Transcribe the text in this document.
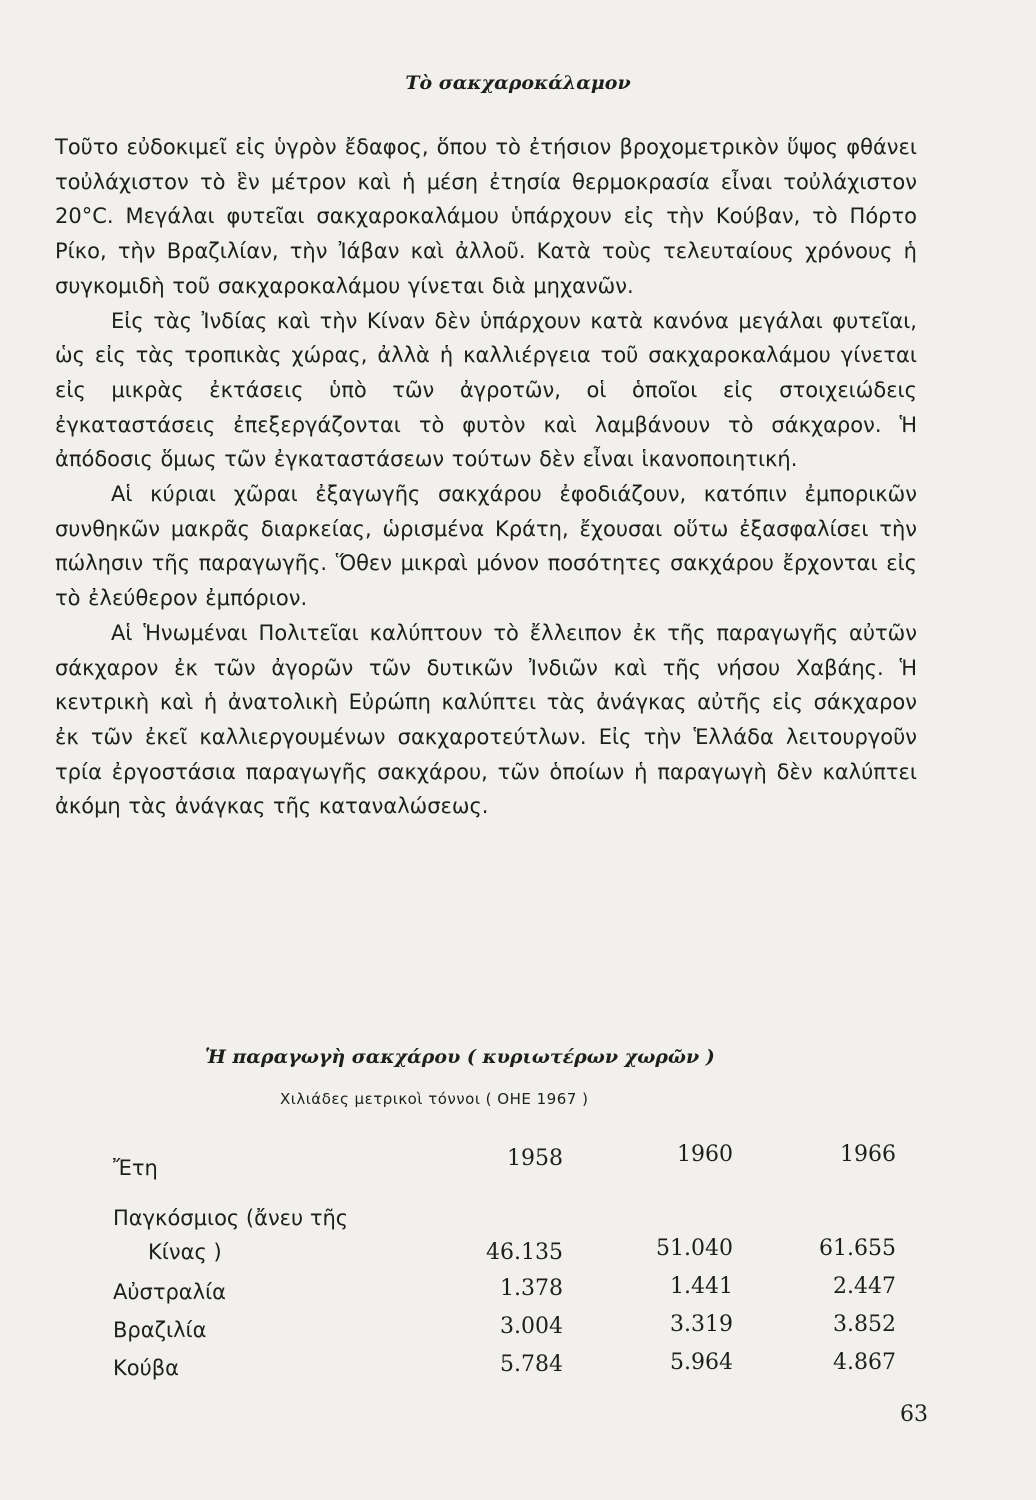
Τὸ σακχαροκάλαμον

Τοῦτο εὐδοκιμεῖ εἰς ὑγρὸν ἔδαφος, ὅπου τὸ ἐτήσιον βροχομετρικὸν ὕψος φθάνει τοὐλάχιστον τὸ ἓν μέτρον καὶ ἡ μέση ἐτησία θερμοκρασία εἶναι τοὐλάχιστον 20°C. Μεγάλαι φυτεῖαι σακχαροκαλάμου ὑπάρχουν εἰς τὴν Κούβαν, τὸ Πόρτο Ρίκο, τὴν Βραζιλίαν, τὴν Ἰάβαν καὶ ἀλλοῦ. Κατὰ τοὺς τελευταίους χρόνους ἡ συγκομιδὴ τοῦ σακχαροκαλάμου γίνεται διὰ μηχανῶν.

Εἰς τὰς Ἰνδίας καὶ τὴν Κίναν δὲν ὑπάρχουν κατὰ κανόνα μεγάλαι φυτεῖαι, ὡς εἰς τὰς τροπικὰς χώρας, ἀλλὰ ἡ καλλιέργεια τοῦ σακχαροκαλάμου γίνεται εἰς μικρὰς ἐκτάσεις ὑπὸ τῶν ἀγροτῶν, οἱ ὁποῖοι εἰς στοιχειώδεις ἐγκαταστάσεις ἐπεξεργάζονται τὸ φυτὸν καὶ λαμβάνουν τὸ σάκχαρον. Ἡ ἀπόδοσις ὅμως τῶν ἐγκαταστάσεων τούτων δὲν εἶναι ἱκανοποιητική.

Αἱ κύριαι χῶραι ἐξαγωγῆς σακχάρου ἐφοδιάζουν, κατόπιν ἐμπορικῶν συνθηκῶν μακρᾶς διαρκείας, ὡρισμένα Κράτη, ἔχουσαι οὕτω ἐξασφαλίσει τὴν πώλησιν τῆς παραγωγῆς. Ὅθεν μικραὶ μόνον ποσότητες σακχάρου ἔρχονται εἰς τὸ ἐλεύθερον ἐμπόριον.

Αἱ Ἡνωμέναι Πολιτεῖαι καλύπτουν τὸ ἔλλειπον ἐκ τῆς παραγωγῆς αὐτῶν σάκχαρον ἐκ τῶν ἀγορῶν τῶν δυτικῶν Ἰνδιῶν καὶ τῆς νήσου Χαβάης. Ἡ κεντρικὴ καὶ ἡ ἀνατολικὴ Εὐρώπη καλύπτει τὰς ἀνάγκας αὐτῆς εἰς σάκχαρον ἐκ τῶν ἐκεῖ καλλιεργουμένων σακχαροτεύτλων. Εἰς τὴν Ἑλλάδα λειτουργοῦν τρία ἐργοστάσια παραγωγῆς σακχάρου, τῶν ὁποίων ἡ παραγωγὴ δὲν καλύπτει ἀκόμη τὰς ἀνάγκας τῆς καταναλώσεως.

Ἡ παραγωγὴ σακχάρου ( κυριωτέρων χωρῶν )
Χιλιάδες μετρικοὶ τόννοι ( ΟΗΕ 1967 )
Ἔτη	1958	1960	1966
Παγκόσμιος (ἄνευ τῆς
Κίνας )	46.135	51.040	61.655
Αὐστραλία	1.378	1.441	2.447
Βραζιλία	3.004	3.319	3.852
Κούβα	5.784	5.964	4.867
63
